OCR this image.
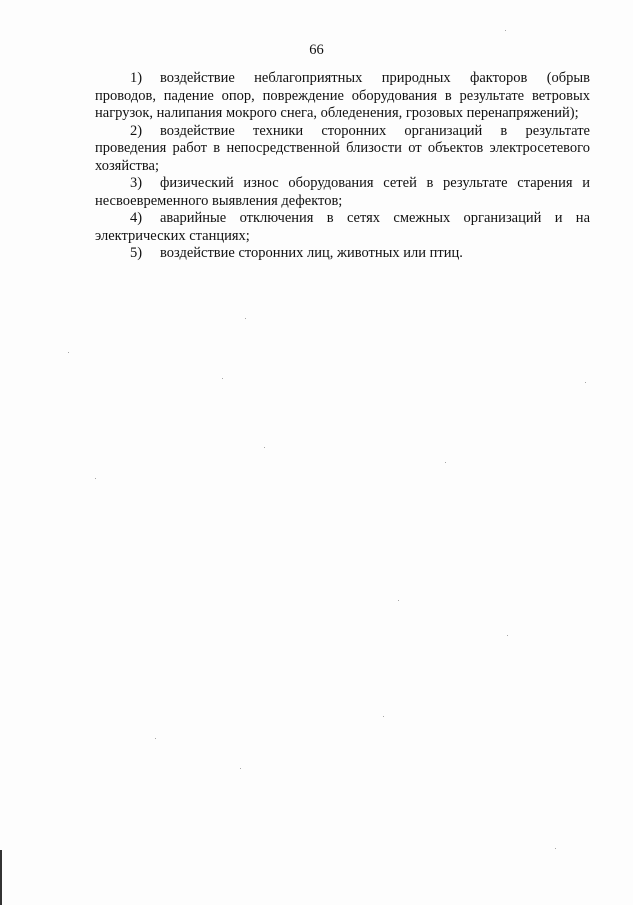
66

1) воздействие неблагоприятных природных факторов (обрыв проводов, падение опор, повреждение оборудования в результате ветровых нагрузок, налипания мокрого снега, обледенения, грозовых перенапряжений);

2) воздействие техники сторонних организаций в результате проведения работ в непосредственной близости от объектов электросетевого хозяйства;

3) физический износ оборудования сетей в результате старения и несвоевременного выявления дефектов;

4) аварийные отключения в сетях смежных организаций и на электрических станциях;

5) воздействие сторонних лиц, животных или птиц.
